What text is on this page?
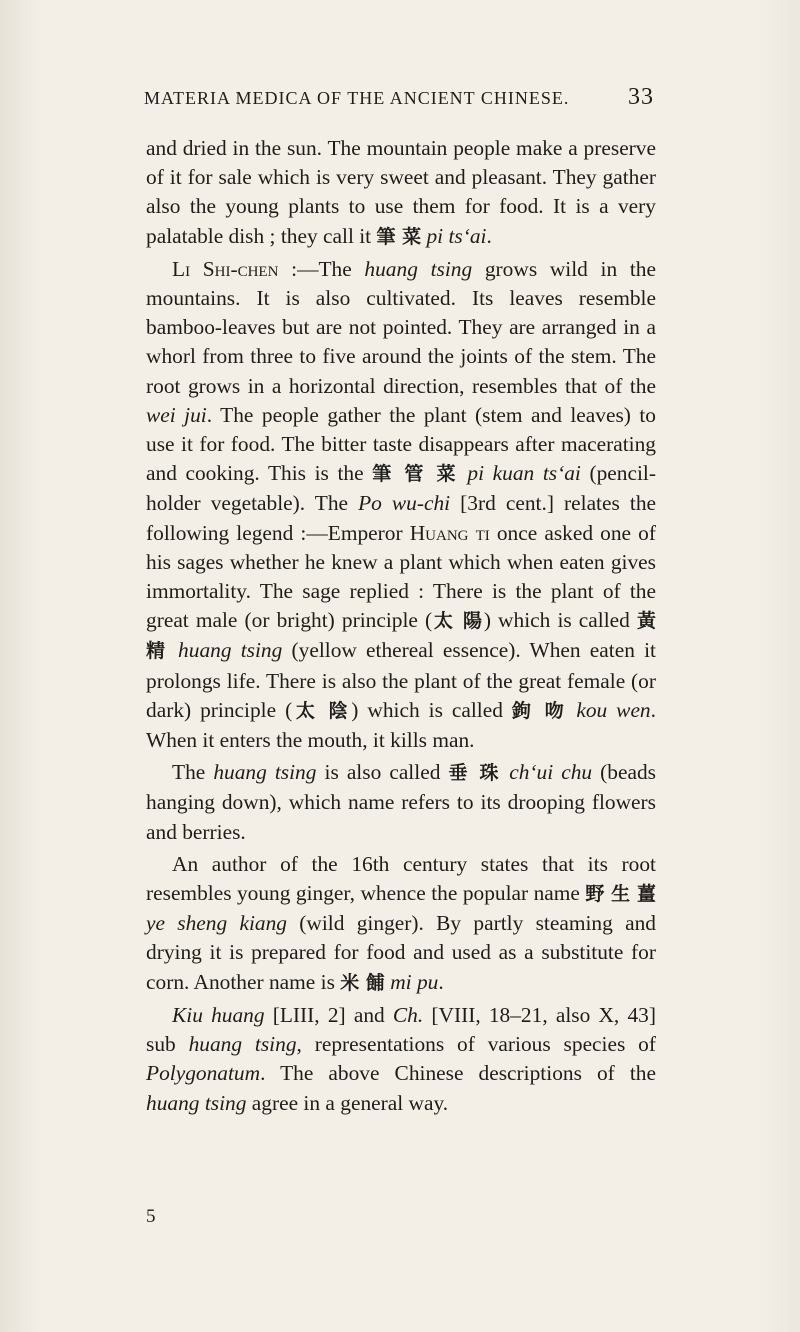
MATERIA MEDICA OF THE ANCIENT CHINESE. 33

and dried in the sun. The mountain people make a preserve of it for sale which is very sweet and pleasant. They gather also the young plants to use them for food. It is a very palatable dish ; they call it 筆 菜 pi ts‘ai.

Li Shi-chen :—The huang tsing grows wild in the mountains. It is also cultivated. Its leaves resemble bamboo-leaves but are not pointed. They are arranged in a whorl from three to five around the joints of the stem. The root grows in a horizontal direction, resembles that of the wei jui. The people gather the plant (stem and leaves) to use it for food. The bitter taste disappears after macerating and cooking. This is the 筆 管 菜 pi kuan ts‘ai (pencil-holder vegetable). The Po wu-chi [3rd cent.] relates the following legend :—Emperor Huang ti once asked one of his sages whether he knew a plant which when eaten gives immortality. The sage replied : There is the plant of the great male (or bright) principle (太 陽) which is called 黃 精 huang tsing (yellow ethereal essence). When eaten it prolongs life. There is also the plant of the great female (or dark) principle (太 陰) which is called 鉤 吻 kou wen. When it enters the mouth, it kills man.

The huang tsing is also called 垂 珠 ch‘ui chu (beads hanging down), which name refers to its drooping flowers and berries.

An author of the 16th century states that its root resembles young ginger, whence the popular name 野 生 薑 ye sheng kiang (wild ginger). By partly steaming and drying it is prepared for food and used as a substitute for corn. Another name is 米 餔 mi pu.

Kiu huang [LIII, 2] and Ch. [VIII, 18–21, also X, 43] sub huang tsing, representations of various species of Polygonatum. The above Chinese descriptions of the huang tsing agree in a general way.

5
